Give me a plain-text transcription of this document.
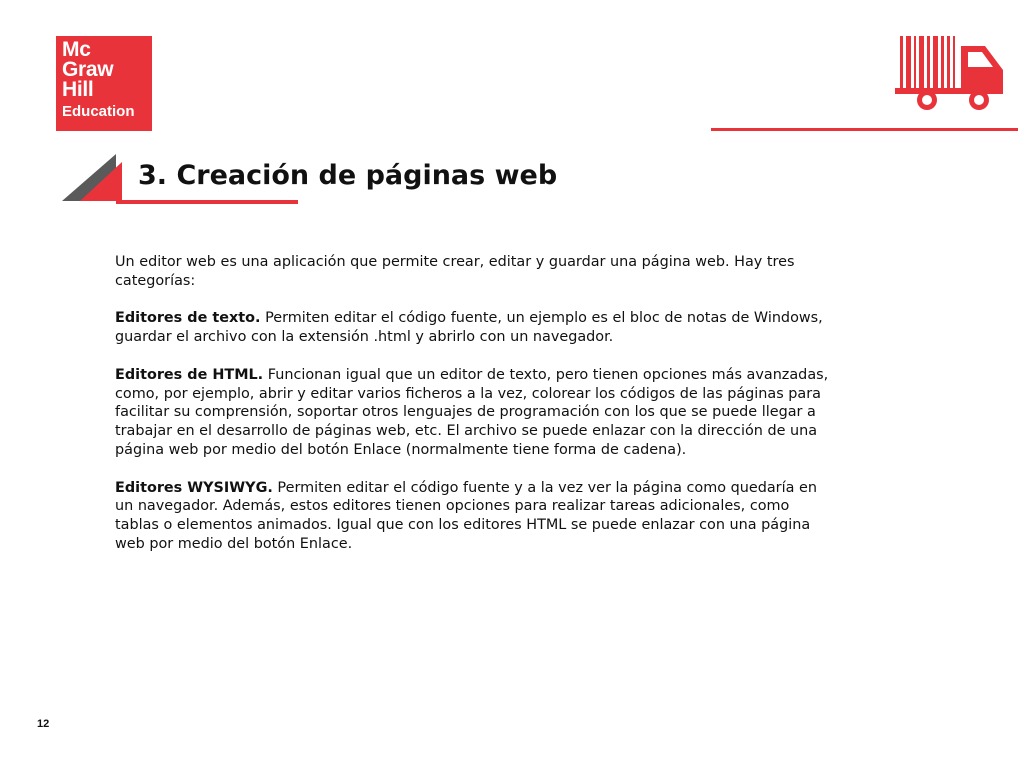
Mc
Graw
Hill
Education
3. Creación de páginas web

Un editor web es una aplicación que permite crear, editar y guardar una página web. Hay tres categorías:

Editores de texto. Permiten editar el código fuente, un ejemplo es el bloc de notas de Windows, guardar el archivo con la extensión .html y abrirlo con un navegador.

Editores de HTML. Funcionan igual que un editor de texto, pero tienen opciones más avanzadas, como, por ejemplo, abrir y editar varios ficheros a la vez, colorear los códigos de las páginas para facilitar su comprensión, soportar otros lenguajes de programación con los que se puede llegar a trabajar en el desarrollo de páginas web, etc. El archivo se puede enlazar con la dirección de una página web por medio del botón Enlace (normalmente tiene forma de cadena).

Editores WYSIWYG. Permiten editar el código fuente y a la vez ver la página como quedaría en un navegador. Además, estos editores tienen opciones para realizar tareas adicionales, como tablas o elementos animados. Igual que con los editores HTML se puede enlazar con una página web por medio del botón Enlace.

12
